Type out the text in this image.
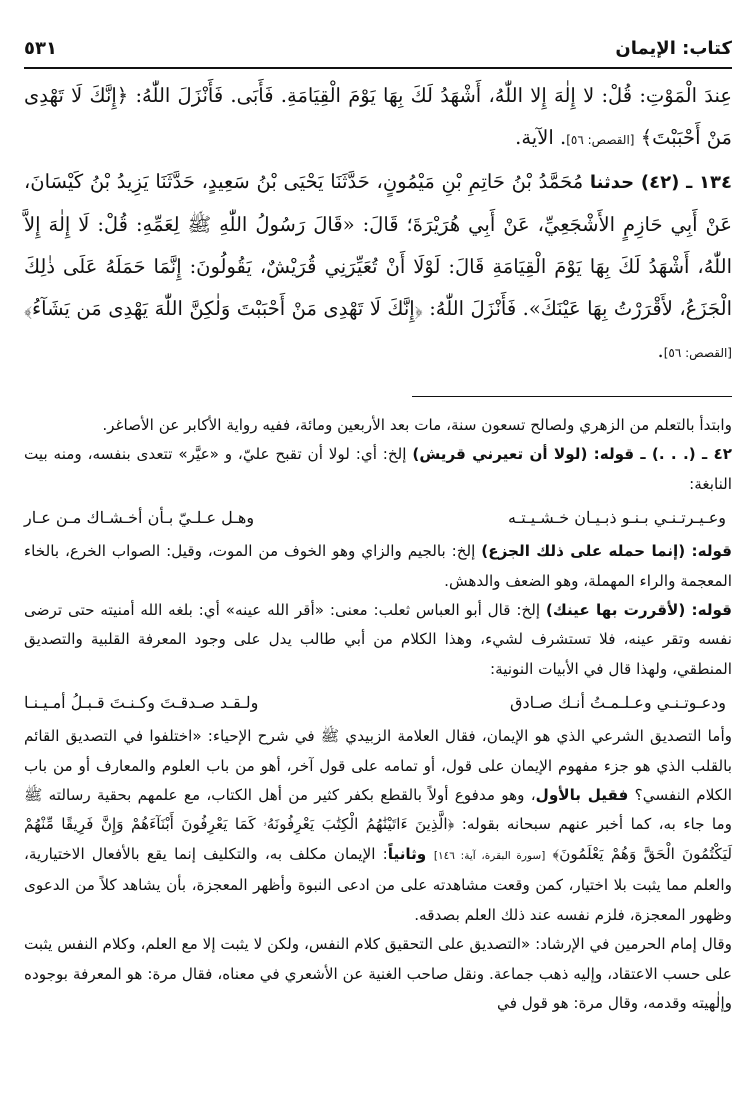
كتاب: الإيمان
٥٣١

عِندَ الْمَوْتِ: قُلْ: لا إِلٰهَ إِلا اللّٰهُ، أَشْهَدُ لَكَ بِهَا يَوْمَ الْقِيَامَةِ. فَأَبَى. فَأَنْزَلَ اللّٰهُ: ﴿إِنَّكَ لَا تَهْدِى مَنْ أَحْبَبْتَ﴾ [القصص: ٥٦]. الآية.

١٣٤ ـ (٤٢) حدثنا مُحَمَّدُ بْنُ حَاتِمِ بْنِ مَيْمُونٍ، حَدَّثَنَا يَحْيَى بْنُ سَعِيدٍ، حَدَّثَنَا يَزِيدُ بْنُ كَيْسَانَ، عَنْ أَبِي حَازِمٍ الأَشْجَعِيِّ، عَنْ أَبِي هُرَيْرَةَ؛ قَالَ: «قَالَ رَسُولُ اللّٰهِ ﷺ لِعَمِّهِ: قُلْ: لَا إِلٰهَ إِلاَّ اللّٰهُ، أَشْهَدُ لَكَ بِهَا يَوْمَ الْقِيَامَةِ قَالَ: لَوْلَا أَنْ تُعَيِّرَنِي قُرَيْشٌ، يَقُولُونَ: إِنَّمَا حَمَلَهُ عَلَى ذٰلِكَ الْجَزَعُ، لأَقْرَرْتُ بِهَا عَيْنَكَ». فَأَنْزَلَ اللّٰهُ: ﴿إِنَّكَ لَا تَهْدِى مَنْ أَحْبَبْتَ وَلٰكِنَّ اللّٰهَ يَهْدِى مَن يَشَآءُ﴾ [القصص: ٥٦].

وابتدأ بالتعلم من الزهري ولصالح تسعون سنة، مات بعد الأربعين ومائة، ففيه رواية الأكابر عن الأصاغر.

٤٢ ـ (. . .) ـ قوله: (لولا أن تعيرني قريش) إلخ: أي: لولا أن تقبح عليّ، و «عيَّر» تتعدى بنفسه، ومنه بيت النابغة:

وعـيـرتـنـي بـنـو ذبـيـان خـشـيـتـه
وهـل عـلـيّ بـأن أخـشـاك مـن عـار

قوله: (إنما حمله على ذلك الجزع) إلخ: بالجيم والزاي وهو الخوف من الموت، وقيل: الصواب الخرع، بالخاء المعجمة والراء المهملة، وهو الضعف والدهش.

قوله: (لأقررت بها عينك) إلخ: قال أبو العباس ثعلب: معنى: «أقر الله عينه» أي: بلغه الله أمنيته حتى ترضى نفسه وتقر عينه، فلا تستشرف لشيء، وهذا الكلام من أبي طالب يدل على وجود المعرفة القلبية والتصديق المنطقي، ولهذا قال في الأبيات النونية:

ودعـوتـنـي وعـلـمـتُ أنـك صـادق
ولـقـد صـدقـتَ وكـنـتَ قـبـلُ أمـيـنـا

وأما التصديق الشرعي الذي هو الإيمان، فقال العلامة الزبيدي ﷺ في شرح الإحياء: «اختلفوا في التصديق القائم بالقلب الذي هو جزء مفهوم الإيمان على قول، أو تمامه على قول آخر، أهو من باب العلوم والمعارف أو من باب الكلام النفسي؟ فقيل بالأول، وهو مدفوع أولاً بالقطع بكفر كثير من أهل الكتاب، مع علمهم بحقية رسالته ﷺ وما جاء به، كما أخبر عنهم سبحانه بقوله: ﴿الَّذِينَ ءَاتَيْنَٰهُمُ الْكِتَٰبَ يَعْرِفُونَهُۥ كَمَا يَعْرِفُونَ أَبْنَآءَهُمْ وَإِنَّ فَرِيقًا مِّنْهُمْ لَيَكْتُمُونَ الْحَقَّ وَهُمْ يَعْلَمُونَ﴾ [سورة البقرة، آية: ١٤٦] وثانياً: الإيمان مكلف به، والتكليف إنما يقع بالأفعال الاختيارية، والعلم مما يثبت بلا اختيار، كمن وقعت مشاهدته على من ادعى النبوة وأظهر المعجزة، بأن يشاهد كلاً من الدعوى وظهور المعجزة، فلزم نفسه عند ذلك العلم بصدقه.

وقال إمام الحرمين في الإرشاد: «التصديق على التحقيق كلام النفس، ولكن لا يثبت إلا مع العلم، وكلام النفس يثبت على حسب الاعتقاد، وإليه ذهب جماعة. ونقل صاحب الغنية عن الأشعري في معناه، فقال مرة: هو المعرفة بوجوده وإلٰهيته وقدمه، وقال مرة: هو قول في
